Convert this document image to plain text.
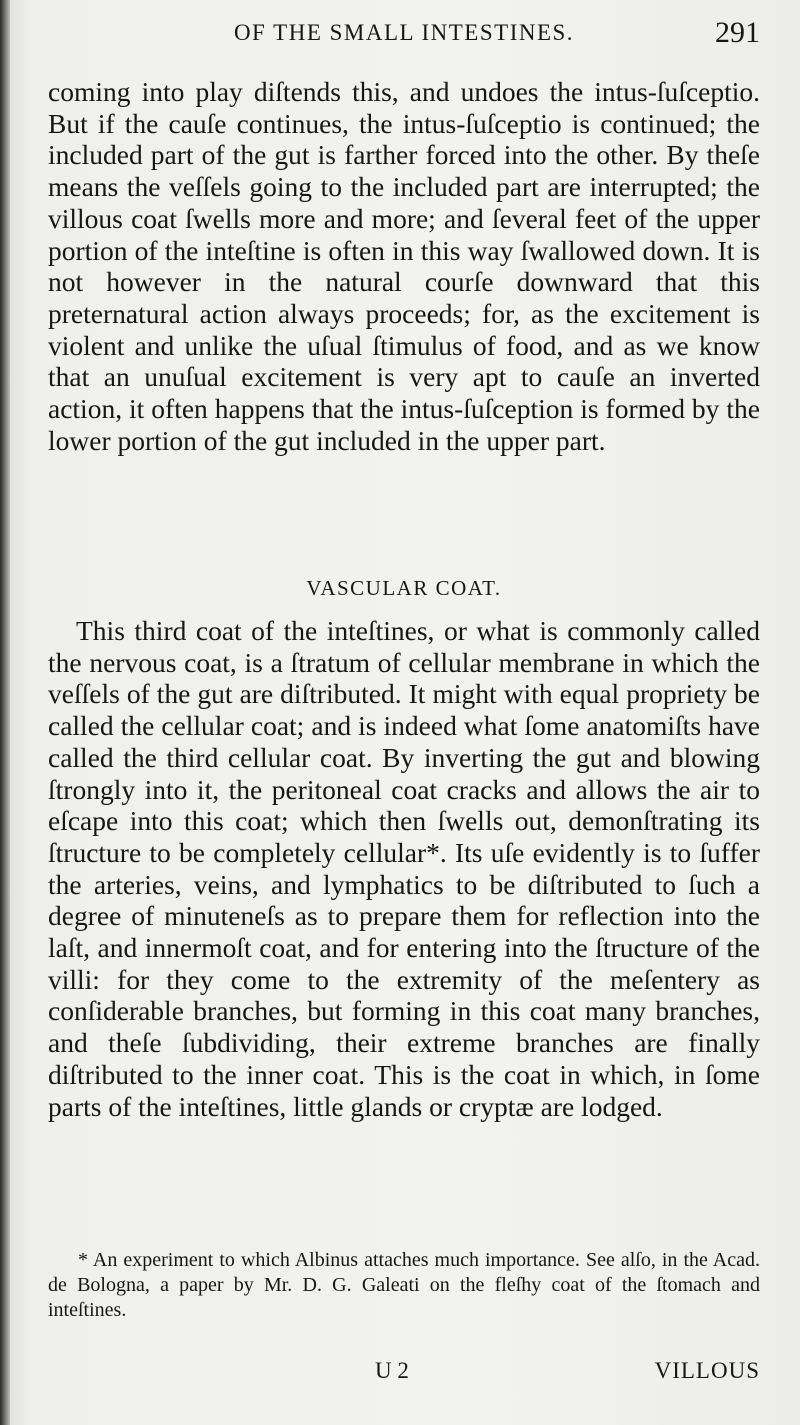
OF THE SMALL INTESTINES.	291

coming into play diſtends this, and undoes the intus-ſuſceptio. But if the cauſe continues, the intus-ſuſceptio is continued; the included part of the gut is farther forced into the other. By theſe means the veſſels going to the included part are interrupted; the villous coat ſwells more and more; and ſeveral feet of the upper portion of the inteſtine is often in this way ſwallowed down. It is not however in the natural courſe downward that this preternatural action always proceeds; for, as the excitement is violent and unlike the uſual ſtimulus of food, and as we know that an unuſual excitement is very apt to cauſe an inverted action, it often happens that the intus-ſuſception is formed by the lower portion of the gut included in the upper part.

VASCULAR COAT.

This third coat of the inteſtines, or what is commonly called the nervous coat, is a ſtratum of cellular membrane in which the veſſels of the gut are diſtributed. It might with equal propriety be called the cellular coat; and is indeed what ſome anatomiſts have called the third cellular coat. By inverting the gut and blowing ſtrongly into it, the peritoneal coat cracks and allows the air to eſcape into this coat; which then ſwells out, demonſtrating its ſtructure to be completely cellular*. Its uſe evidently is to ſuffer the arteries, veins, and lymphatics to be diſtributed to ſuch a degree of minuteneſs as to prepare them for reflection into the laſt, and innermoſt coat, and for entering into the ſtructure of the villi: for they come to the extremity of the meſentery as conſiderable branches, but forming in this coat many branches, and theſe ſubdividing, their extreme branches are finally diſtributed to the inner coat. This is the coat in which, in ſome parts of the inteſtines, little glands or cryptæ are lodged.

* An experiment to which Albinus attaches much importance. See alſo, in the Acad. de Bologna, a paper by Mr. D. G. Galeati on the fleſhy coat of the ſtomach and inteſtines.

U 2	VILLOUS
